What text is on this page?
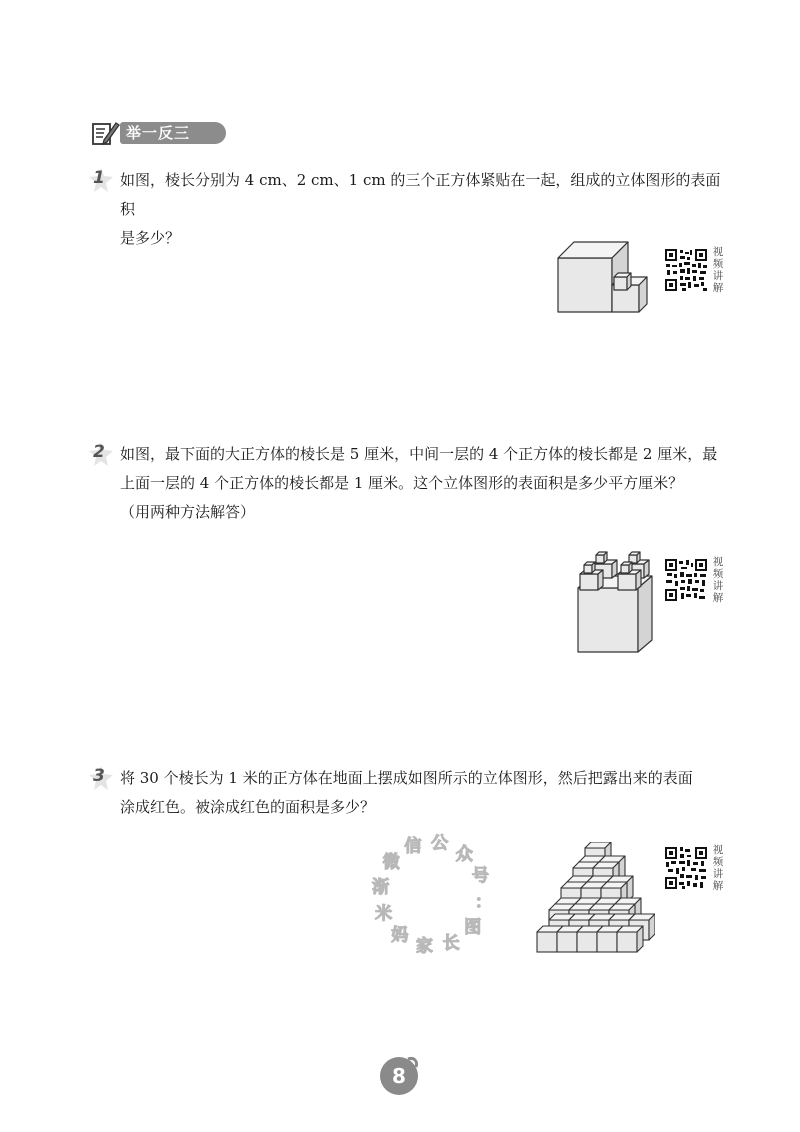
举一反三
1 如图，棱长分别为 4 cm、2 cm、1 cm 的三个正方体紧贴在一起，组成的立体图形的表面积
是多少？
视
频
讲
解
2 如图，最下面的大正方体的棱长是 5 厘米，中间一层的 4 个正方体的棱长都是 2 厘米，最
上面一层的 4 个正方体的棱长都是 1 厘米。这个立体图形的表面积是多少平方厘米？
（用两种方法解答）
视
频
讲
解
3 将 30 个棱长为 1 米的正方体在地面上摆成如图所示的立体图形，然后把露出来的表面
涂成红色。被涂成红色的面积是多少？
微
信 公
众
号
：
图
长
家
妈
米
渐
视
频
讲
解
8
